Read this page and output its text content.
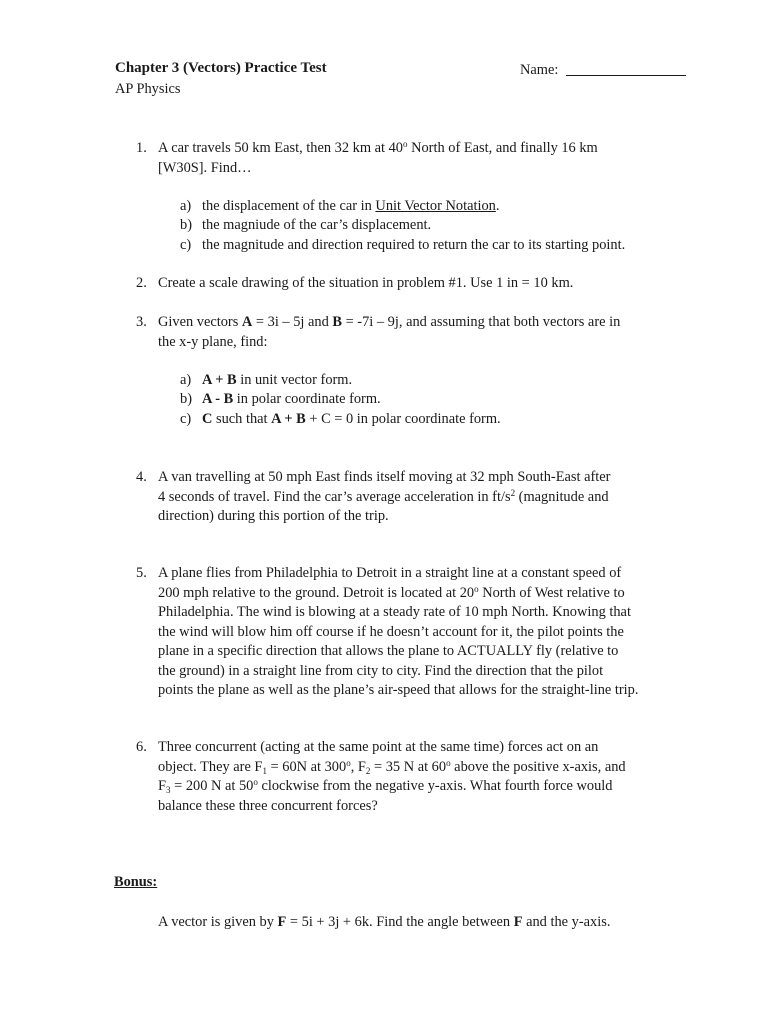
Chapter 3 (Vectors) Practice Test	Name:
AP Physics
1. A car travels 50 km East, then 32 km at 40$^o$ North of East, and finally 16 km
[W30S]. Find…
a) the displacement of the car in Unit Vector Notation.
b) the magniude of the car’s displacement.
c) the magnitude and direction required to return the car to its starting point.
2. Create a scale drawing of the situation in problem #1. Use 1 in = 10 km.
3. Given vectors A = 3i – 5j and B = -7i – 9j, and assuming that both vectors are in
the x-y plane, find:
a) A + B in unit vector form.
b) A - B in polar coordinate form.
c) C such that A + B + C = 0 in polar coordinate form.
4. A van travelling at 50 mph East finds itself moving at 32 mph South-East after
4 seconds of travel. Find the car’s average acceleration in $ft/s^2$ (magnitude and
direction) during this portion of the trip.
5. A plane flies from Philadelphia to Detroit in a straight line at a constant speed of
200 mph relative to the ground. Detroit is located at 20$^o$ North of West relative to
Philadelphia. The wind is blowing at a steady rate of 10 mph North. Knowing that
the wind will blow him off course if he doesn’t account for it, the pilot points the
plane in a specific direction that allows the plane to ACTUALLY fly (relative to
the ground) in a straight line from city to city. Find the direction that the pilot
points the plane as well as the plane’s air-speed that allows for the straight-line trip.
6. Three concurrent (acting at the same point at the same time) forces act on an
object. They are $F_1 = 60N$ at 300$^o$, $F_2 = 35$ N at 60$^o$ above the positive x-axis, and
$F_3 = 200$ N at 50$^o$ clockwise from the negative y-axis. What fourth force would
balance these three concurrent forces?
Bonus:
A vector is given by F = 5i + 3j + 6k. Find the angle between F and the y-axis.
